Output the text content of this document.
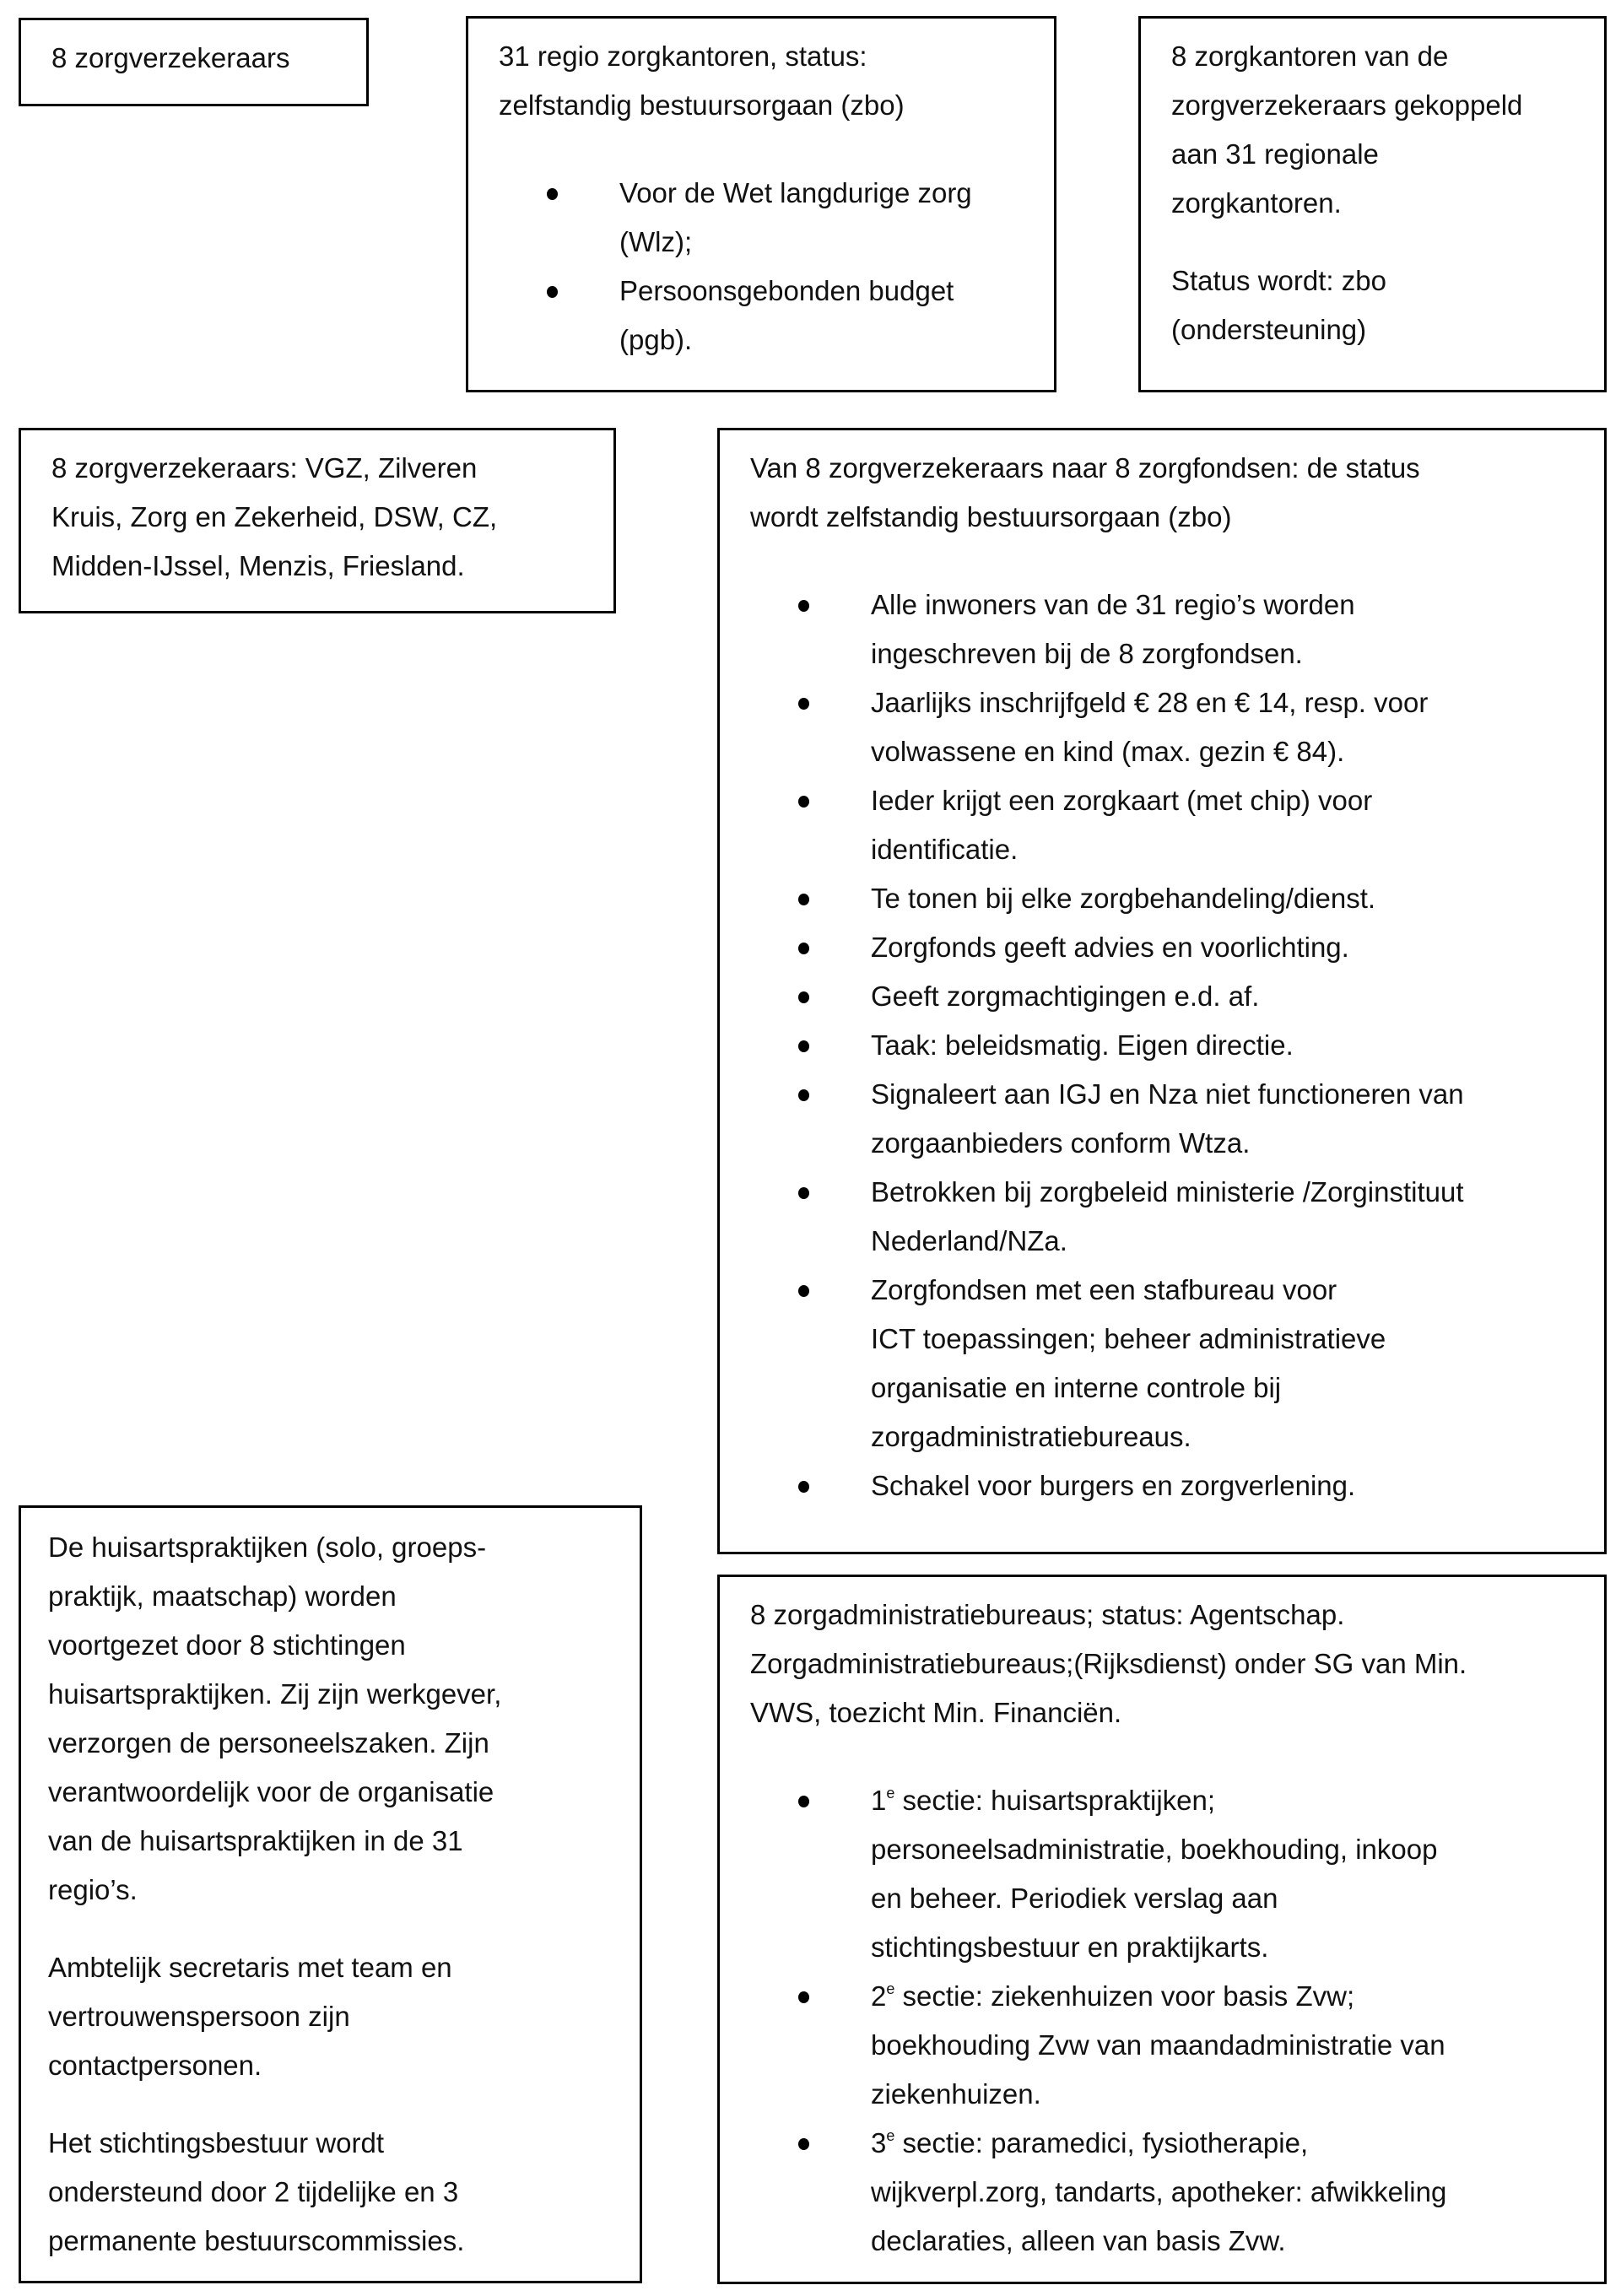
8 zorgverzekeraars	31 regio zorgkantoren, status:
zelfstandig bestuursorgaan (zbo)

Voor de Wet langdurige zorg
(Wlz);
Persoonsgebonden budget
(pgb).

8 zorgkantoren van de
zorgverzekeraars gekoppeld
aan 31 regionale
zorgkantoren.

Status wordt: zbo
(ondersteuning)

8 zorgverzekeraars: VGZ, Zilveren
Kruis, Zorg en Zekerheid, DSW, CZ,
Midden-IJssel, Menzis, Friesland.

Van 8 zorgverzekeraars naar 8 zorgfondsen: de status
wordt zelfstandig bestuursorgaan (zbo)

Alle inwoners van de 31 regio’s worden
ingeschreven bij de 8 zorgfondsen.
Jaarlijks inschrijfgeld € 28 en € 14, resp. voor
volwassene en kind (max. gezin € 84).
Ieder krijgt een zorgkaart (met chip) voor
identificatie.
Te tonen bij elke zorgbehandeling/dienst.
Zorgfonds geeft advies en voorlichting.
Geeft zorgmachtigingen e.d. af.
Taak: beleidsmatig. Eigen directie.
Signaleert aan IGJ en Nza niet functioneren van
zorgaanbieders conform Wtza.
Betrokken bij zorgbeleid ministerie /Zorginstituut
Nederland/NZa.
Zorgfondsen met een stafbureau voor
ICT toepassingen; beheer administratieve
organisatie en interne controle bij
zorgadministratiebureaus.
Schakel voor burgers en zorgverlening.

De huisartspraktijken (solo, groeps-
praktijk, maatschap) worden
voortgezet door 8 stichtingen
huisartspraktijken. Zij zijn werkgever,
verzorgen de personeelszaken. Zijn
verantwoordelijk voor de organisatie
van de huisartspraktijken in de 31
regio’s.

Ambtelijk secretaris met team en
vertrouwenspersoon zijn
contactpersonen.

Het stichtingsbestuur wordt
ondersteund door 2 tijdelijke en 3
permanente bestuurscommissies.

8 zorgadministratiebureaus; status: Agentschap.
Zorgadministratiebureaus;(Rijksdienst) onder SG van Min.
VWS, toezicht Min. Financiën.

1e sectie: huisartspraktijken;
personeelsadministratie, boekhouding, inkoop
en beheer. Periodiek verslag aan
stichtingsbestuur en praktijkarts.
2e sectie: ziekenhuizen voor basis Zvw;
boekhouding Zvw van maandadministratie van
ziekenhuizen.
3e sectie: paramedici, fysiotherapie,
wijkverpl.zorg, tandarts, apotheker: afwikkeling
declaraties, alleen van basis Zvw.
